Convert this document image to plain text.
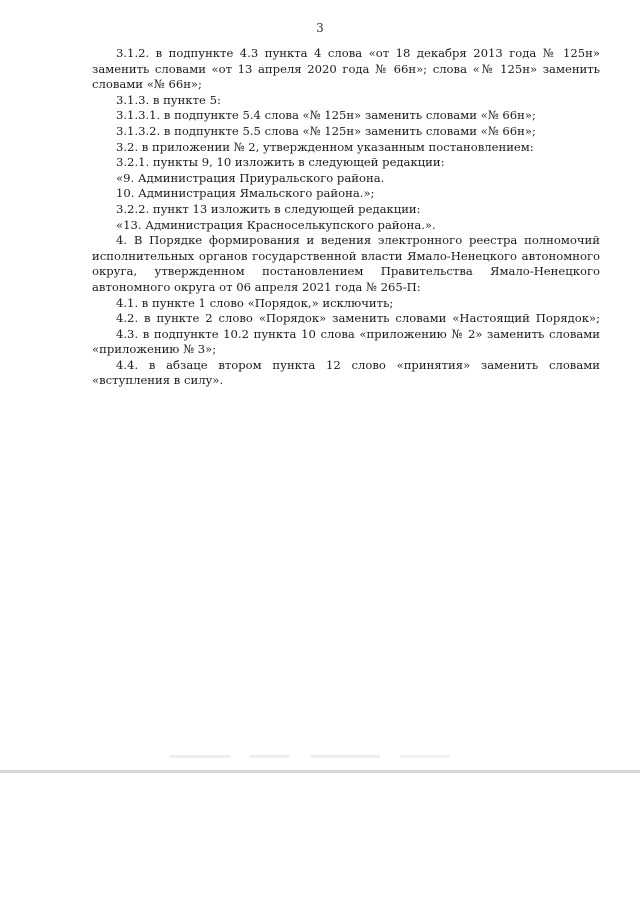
3

3.1.2. в подпункте 4.3 пункта 4 слова «от 18 декабря 2013 года № 125н» заменить словами «от 13 апреля 2020 года № 66н»; слова «№ 125н» заменить словами «№ 66н»;

3.1.3. в пункте 5:

3.1.3.1. в подпункте 5.4 слова «№ 125н» заменить словами «№ 66н»;

3.1.3.2. в подпункте 5.5 слова «№ 125н» заменить словами «№ 66н»;

3.2. в приложении № 2, утвержденном указанным постановлением:

3.2.1. пункты 9, 10 изложить в следующей редакции:

«9. Администрация Приуральского района.

10. Администрация Ямальского района.»;

3.2.2. пункт 13 изложить в следующей редакции:

«13. Администрация Красноселькупского района.».

4. В Порядке формирования и ведения электронного реестра полномочий исполнительных органов государственной власти Ямало-Ненецкого автономного округа, утвержденном постановлением Правительства Ямало-Ненецкого автономного округа от 06 апреля 2021 года № 265-П:

4.1. в пункте 1 слово «Порядок,» исключить;

4.2. в пункте 2 слово «Порядок» заменить словами «Настоящий Порядок»;

4.3. в подпункте 10.2 пункта 10 слова «приложению № 2» заменить словами «приложению № 3»;

4.4. в абзаце втором пункта 12 слово «принятия» заменить словами «вступления в силу».
